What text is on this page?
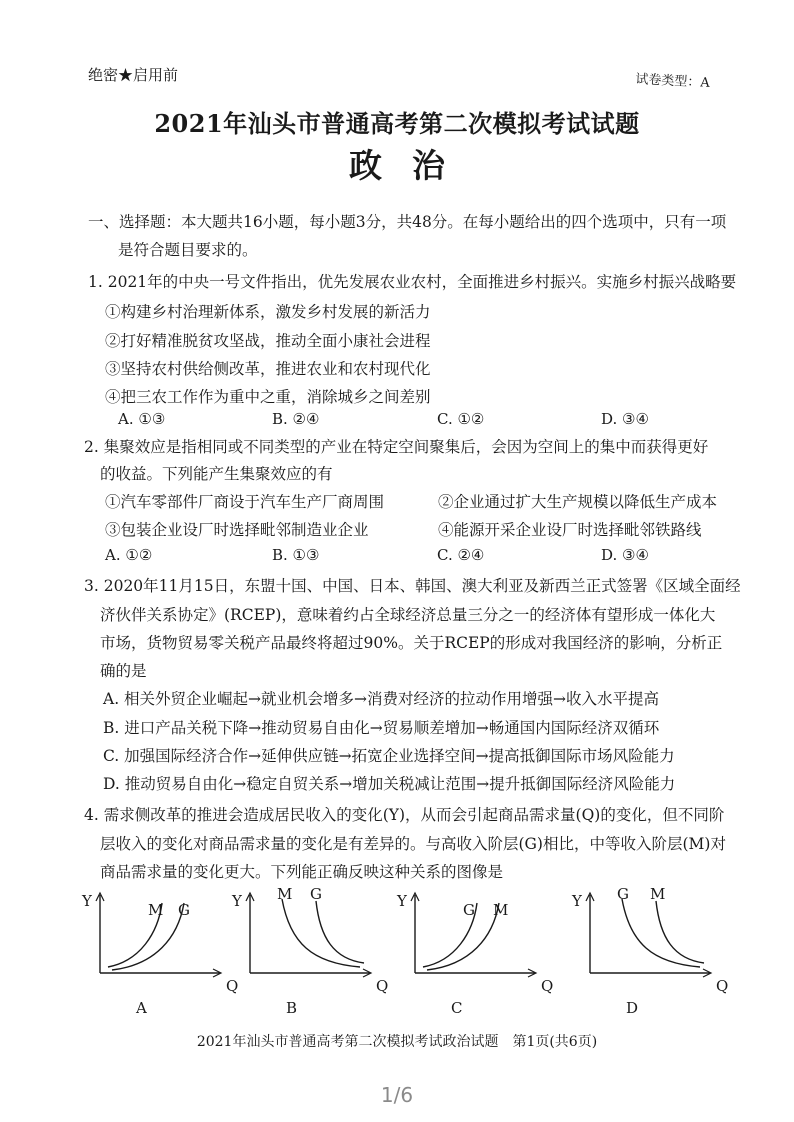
绝密★启用前	试卷类型：A
2021年汕头市普通高考第二次模拟考试试题
政治
一、选择题：本大题共16小题，每小题3分，共48分。在每小题给出的四个选项中，只有一项
是符合题目要求的。
1. 2021年的中央一号文件指出，优先发展农业农村，全面推进乡村振兴。实施乡村振兴战略要
①构建乡村治理新体系，激发乡村发展的新活力
②打好精准脱贫攻坚战，推动全面小康社会进程
③坚持农村供给侧改革，推进农业和农村现代化
④把三农工作作为重中之重，消除城乡之间差别
A. ①③	B. ②④	C. ①②	D. ③④
2. 集聚效应是指相同或不同类型的产业在特定空间聚集后，会因为空间上的集中而获得更好
的收益。下列能产生集聚效应的有
①汽车零部件厂商设于汽车生产厂商周围	②企业通过扩大生产规模以降低生产成本
③包装企业设厂时选择毗邻制造业企业	④能源开采企业设厂时选择毗邻铁路线
A. ①②	B. ①③	C. ②④	D. ③④
3. 2020年11月15日，东盟十国、中国、日本、韩国、澳大利亚及新西兰正式签署《区域全面经
济伙伴关系协定》(RCEP)，意味着约占全球经济总量三分之一的经济体有望形成一体化大
市场，货物贸易零关税产品最终将超过90%。关于RCEP的形成对我国经济的影响，分析正
确的是
A. 相关外贸企业崛起→就业机会增多→消费对经济的拉动作用增强→收入水平提高
B. 进口产品关税下降→推动贸易自由化→贸易顺差增加→畅通国内国际经济双循环
C. 加强国际经济合作→延伸供应链→拓宽企业选择空间→提高抵御国际市场风险能力
D. 推动贸易自由化→稳定自贸关系→增加关税减让范围→提升抵御国际经济风险能力
4. 需求侧改革的推进会造成居民收入的变化(Y)，从而会引起商品需求量(Q)的变化，但不同阶
层收入的变化对商品需求量的变化是有差异的。与高收入阶层(G)相比，中等收入阶层(M)对
商品需求量的变化更大。下列能正确反映这种关系的图像是
Y
Q
A
M G	Y
Q
B
M G	Y
Q
C
G M	Y
Q
D
G M
2021年汕头市普通高考第二次模拟考试政治试题　第1页(共6页)
1/6
